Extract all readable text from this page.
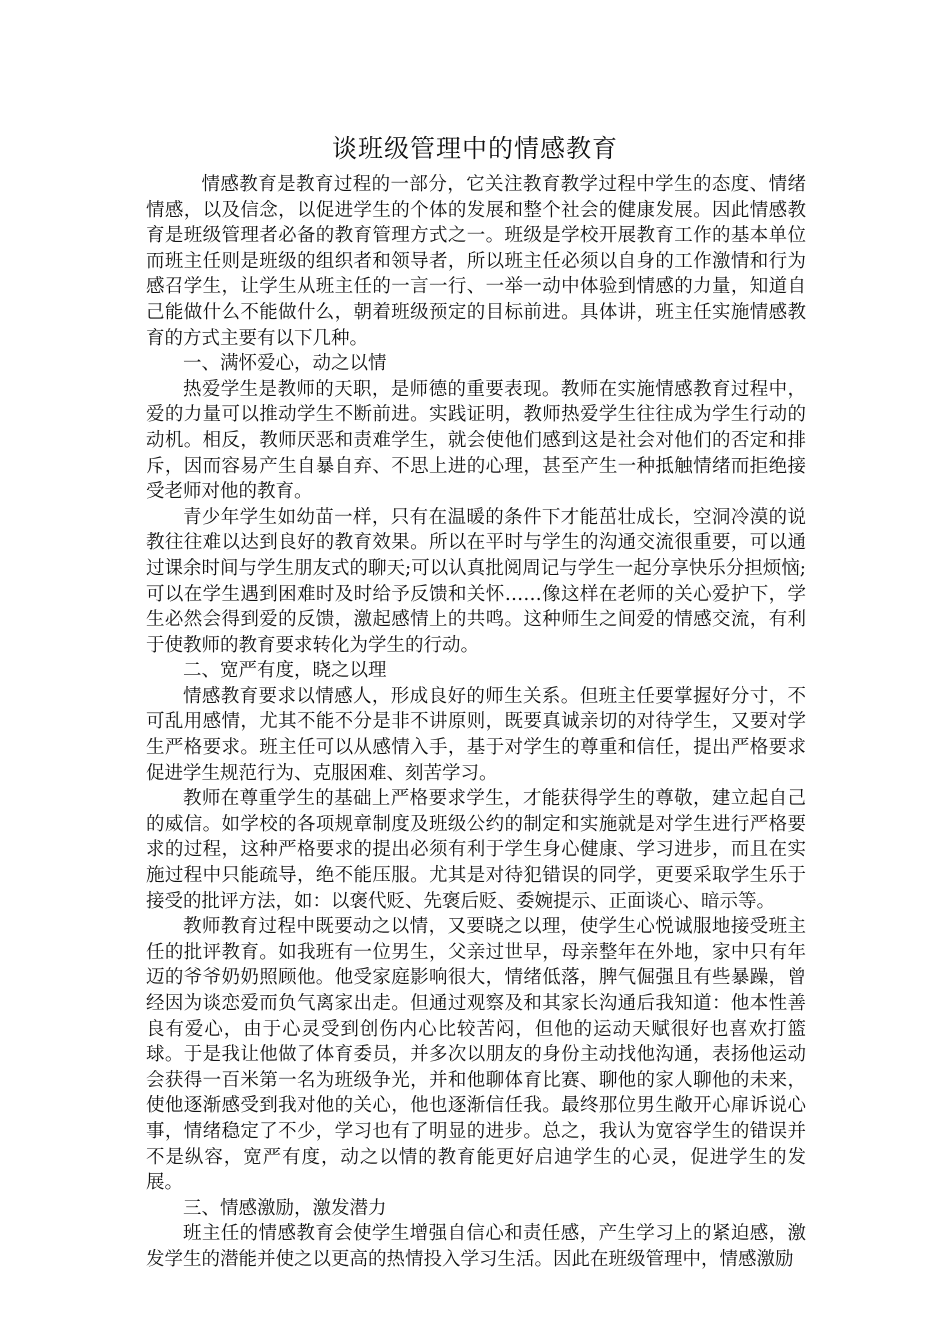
谈班级管理中的情感教育

情感教育是教育过程的一部分，它关注教育教学过程中学生的态度、情绪情感，以及信念，以促进学生的个体的发展和整个社会的健康发展。因此情感教育是班级管理者必备的教育管理方式之一。班级是学校开展教育工作的基本单位而班主任则是班级的组织者和领导者，所以班主任必须以自身的工作激情和行为感召学生，让学生从班主任的一言一行、一举一动中体验到情感的力量，知道自己能做什么不能做什么，朝着班级预定的目标前进。具体讲，班主任实施情感教育的方式主要有以下几种。

一、满怀爱心，动之以情

热爱学生是教师的天职，是师德的重要表现。教师在实施情感教育过程中，爱的力量可以推动学生不断前进。实践证明，教师热爱学生往往成为学生行动的动机。相反，教师厌恶和责难学生，就会使他们感到这是社会对他们的否定和排斥，因而容易产生自暴自弃、不思上进的心理，甚至产生一种抵触情绪而拒绝接受老师对他的教育。

青少年学生如幼苗一样，只有在温暖的条件下才能茁壮成长，空洞冷漠的说教往往难以达到良好的教育效果。所以在平时与学生的沟通交流很重要，可以通过课余时间与学生朋友式的聊天;可以认真批阅周记与学生一起分享快乐分担烦恼;可以在学生遇到困难时及时给予反馈和关怀……像这样在老师的关心爱护下，学生必然会得到爱的反馈，激起感情上的共鸣。这种师生之间爱的情感交流，有利于使教师的教育要求转化为学生的行动。

二、宽严有度，晓之以理

情感教育要求以情感人，形成良好的师生关系。但班主任要掌握好分寸，不可乱用感情，尤其不能不分是非不讲原则，既要真诚亲切的对待学生，又要对学生严格要求。班主任可以从感情入手，基于对学生的尊重和信任，提出严格要求促进学生规范行为、克服困难、刻苦学习。

教师在尊重学生的基础上严格要求学生，才能获得学生的尊敬，建立起自己的威信。如学校的各项规章制度及班级公约的制定和实施就是对学生进行严格要求的过程，这种严格要求的提出必须有利于学生身心健康、学习进步，而且在实施过程中只能疏导，绝不能压服。尤其是对待犯错误的同学，更要采取学生乐于接受的批评方法，如：以褒代贬、先褒后贬、委婉提示、正面谈心、暗示等。

教师教育过程中既要动之以情，又要晓之以理，使学生心悦诚服地接受班主任的批评教育。如我班有一位男生，父亲过世早，母亲整年在外地，家中只有年迈的爷爷奶奶照顾他。他受家庭影响很大，情绪低落，脾气倔强且有些暴躁，曾经因为谈恋爱而负气离家出走。但通过观察及和其家长沟通后我知道：他本性善良有爱心，由于心灵受到创伤内心比较苦闷，但他的运动天赋很好也喜欢打篮球。于是我让他做了体育委员，并多次以朋友的身份主动找他沟通，表扬他运动会获得一百米第一名为班级争光，并和他聊体育比赛、聊他的家人聊他的未来，使他逐渐感受到我对他的关心，他也逐渐信任我。最终那位男生敞开心扉诉说心事，情绪稳定了不少，学习也有了明显的进步。总之，我认为宽容学生的错误并不是纵容，宽严有度，动之以情的教育能更好启迪学生的心灵，促进学生的发展。

三、情感激励，激发潜力

班主任的情感教育会使学生增强自信心和责任感，产生学习上的紧迫感，激发学生的潜能并使之以更高的热情投入学习生活。因此在班级管理中，情感激励
